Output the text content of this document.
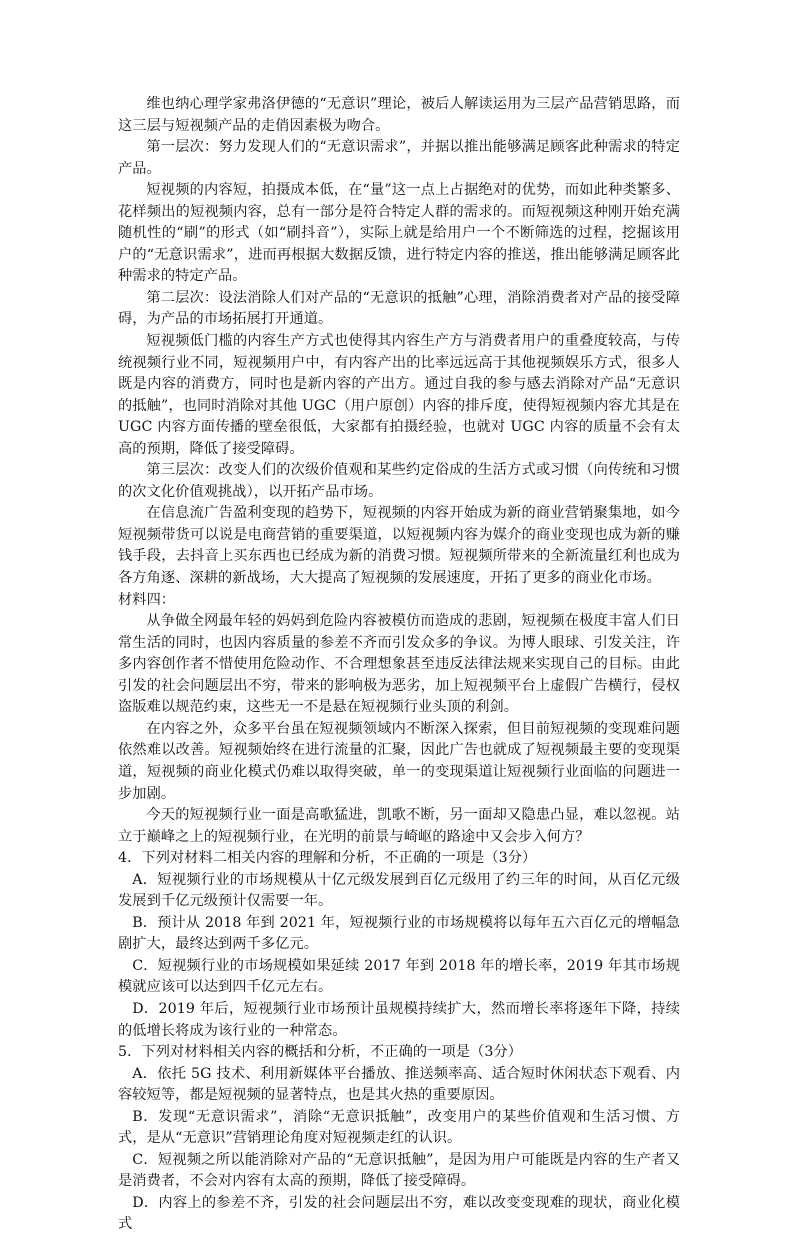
维也纳心理学家弗洛伊德的“无意识”理论，被后人解读运用为三层产品营销思路，而这三层与短视频产品的走俏因素极为吻合。

第一层次：努力发现人们的“无意识需求”，并据以推出能够满足顾客此种需求的特定产品。

短视频的内容短，拍摄成本低，在“量”这一点上占据绝对的优势，而如此种类繁多、花样频出的短视频内容，总有一部分是符合特定人群的需求的。而短视频这种刚开始充满随机性的“刷”的形式（如“刷抖音”），实际上就是给用户一个不断筛选的过程，挖掘该用户的“无意识需求”，进而再根据大数据反馈，进行特定内容的推送，推出能够满足顾客此种需求的特定产品。

第二层次：设法消除人们对产品的“无意识的抵触”心理，消除消费者对产品的接受障碍，为产品的市场拓展打开通道。

短视频低门槛的内容生产方式也使得其内容生产方与消费者用户的重叠度较高，与传统视频行业不同，短视频用户中，有内容产出的比率远远高于其他视频娱乐方式，很多人既是内容的消费方，同时也是新内容的产出方。通过自我的参与感去消除对产品“无意识的抵触”，也同时消除对其他 UGC（用户原创）内容的排斥度，使得短视频内容尤其是在 UGC 内容方面传播的壁垒很低，大家都有拍摄经验，也就对 UGC 内容的质量不会有太高的预期，降低了接受障碍。

第三层次：改变人们的次级价值观和某些约定俗成的生活方式或习惯（向传统和习惯的次文化价值观挑战），以开拓产品市场。

在信息流广告盈利变现的趋势下，短视频的内容开始成为新的商业营销聚集地，如今短视频带货可以说是电商营销的重要渠道，以短视频内容为媒介的商业变现也成为新的赚钱手段，去抖音上买东西也已经成为新的消费习惯。短视频所带来的全新流量红利也成为各方角逐、深耕的新战场，大大提高了短视频的发展速度，开拓了更多的商业化市场。

材料四：

从争做全网最年轻的妈妈到危险内容被模仿而造成的悲剧，短视频在极度丰富人们日常生活的同时，也因内容质量的参差不齐而引发众多的争议。为博人眼球、引发关注，许多内容创作者不惜使用危险动作、不合理想象甚至违反法律法规来实现自己的目标。由此引发的社会问题层出不穷，带来的影响极为恶劣，加上短视频平台上虚假广告横行，侵权盗版难以规范约束，这些无一不是悬在短视频行业头顶的利剑。

在内容之外，众多平台虽在短视频领域内不断深入探索，但目前短视频的变现难问题依然难以改善。短视频始终在进行流量的汇聚，因此广告也就成了短视频最主要的变现渠道，短视频的商业化模式仍难以取得突破，单一的变现渠道让短视频行业面临的问题进一步加剧。

今天的短视频行业一面是高歌猛进，凯歌不断，另一面却又隐患凸显，难以忽视。站立于巅峰之上的短视频行业，在光明的前景与崎岖的路途中又会步入何方？

4．下列对材料二相关内容的理解和分析，不正确的一项是（3分）

A．短视频行业的市场规模从十亿元级发展到百亿元级用了约三年的时间，从百亿元级发展到千亿元级预计仅需要一年。

B．预计从 2018 年到 2021 年，短视频行业的市场规模将以每年五六百亿元的增幅急剧扩大，最终达到两千多亿元。

C．短视频行业的市场规模如果延续 2017 年到 2018 年的增长率，2019 年其市场规模就应该可以达到四千亿元左右。

D．2019 年后，短视频行业市场预计虽规模持续扩大，然而增长率将逐年下降，持续的低增长将成为该行业的一种常态。

5．下列对材料相关内容的概括和分析，不正确的一项是（3分）

A．依托 5G 技术、利用新媒体平台播放、推送频率高、适合短时休闲状态下观看、内容较短等，都是短视频的显著特点，也是其火热的重要原因。

B．发现“无意识需求”，消除“无意识抵触”，改变用户的某些价值观和生活习惯、方式，是从“无意识”营销理论角度对短视频走红的认识。

C．短视频之所以能消除对产品的“无意识抵触”，是因为用户可能既是内容的生产者又是消费者，不会对内容有太高的预期，降低了接受障碍。

D．内容上的参差不齐，引发的社会问题层出不穷，难以改变变现难的现状，商业化模式
